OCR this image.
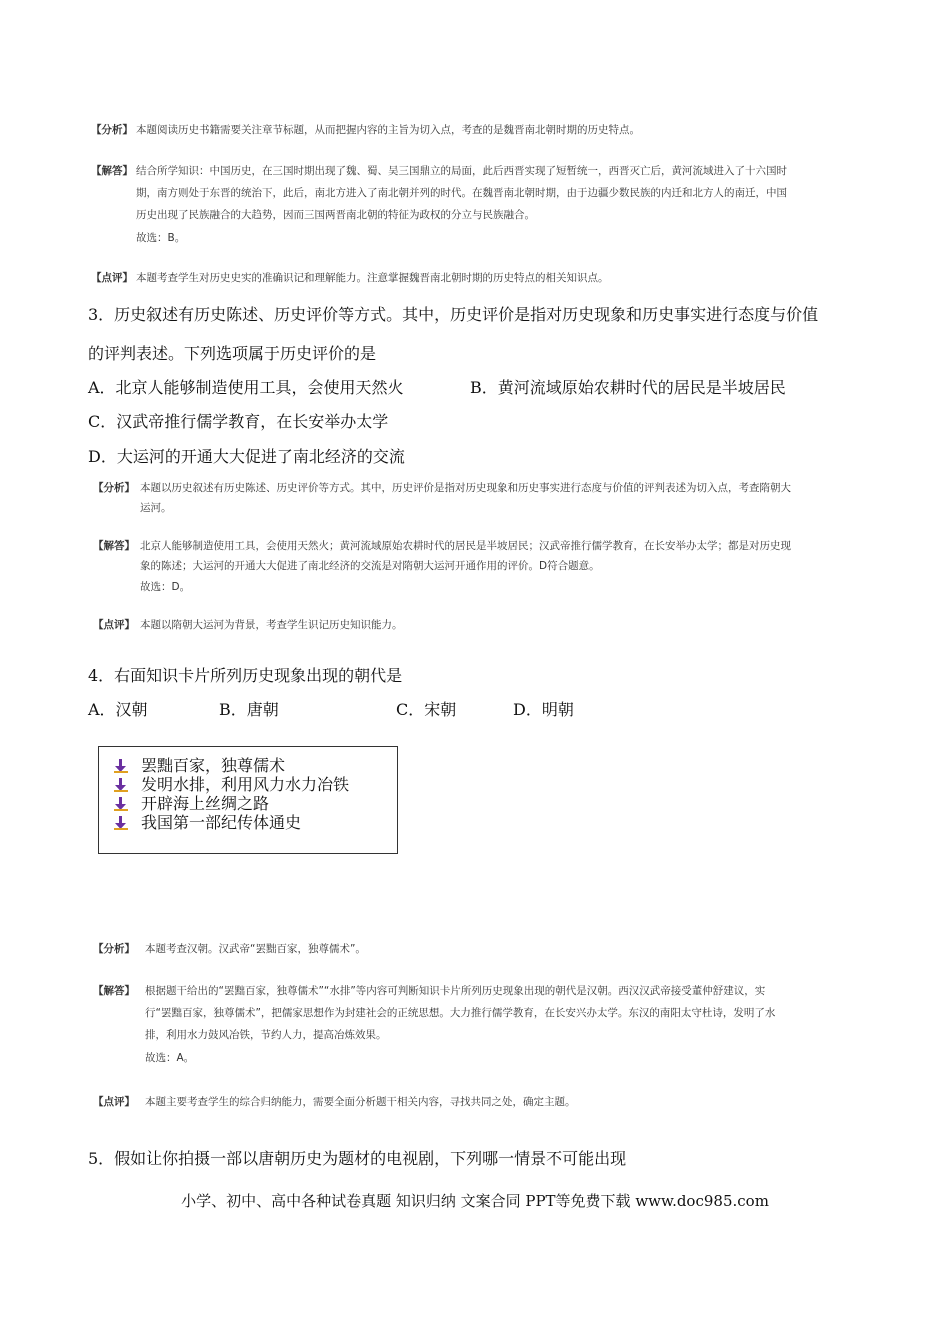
【分析】 本题阅读历史书籍需要关注章节标题，从而把握内容的主旨为切入点，考查的是魏晋南北朝时期的历史特点。
【解答】 结合所学知识：中国历史，在三国时期出现了魏、蜀、吴三国鼎立的局面，此后西晋实现了短暂统一，西晋灭亡后，黄河流域进入了十六国时
期，南方则处于东晋的统治下，此后，南北方进入了南北朝并列的时代。在魏晋南北朝时期，由于边疆少数民族的内迁和北方人的南迁，中国
历史出现了民族融合的大趋势，因而三国两晋南北朝的特征为政权的分立与民族融合。
故选：B。
【点评】 本题考查学生对历史史实的准确识记和理解能力。注意掌握魏晋南北朝时期的历史特点的相关知识点。
3．历史叙述有历史陈述、历史评价等方式。其中，历史评价是指对历史现象和历史事实进行态度与价值
的评判表述。下列选项属于历史评价的是
A．北京人能够制造使用工具，会使用天然火	B．黄河流域原始农耕时代的居民是半坡居民
C．汉武帝推行儒学教育，在长安举办太学
D．大运河的开通大大促进了南北经济的交流
【分析】 本题以历史叙述有历史陈述、历史评价等方式。其中，历史评价是指对历史现象和历史事实进行态度与价值的评判表述为切入点，考查隋朝大
运河。
【解答】 北京人能够制造使用工具，会使用天然火；黄河流域原始农耕时代的居民是半坡居民；汉武帝推行儒学教育，在长安举办太学；都是对历史现
象的陈述；大运河的开通大大促进了南北经济的交流是对隋朝大运河开通作用的评价。D符合题意。
故选：D。
【点评】 本题以隋朝大运河为背景，考查学生识记历史知识能力。
4．右面知识卡片所列历史现象出现的朝代是
A．汉朝	B．唐朝	C．宋朝	D．明朝
罢黜百家，独尊儒术
发明水排，利用风力水力冶铁
开辟海上丝绸之路
我国第一部纪传体通史
【分析】 本题考查汉朝。汉武帝“罢黜百家，独尊儒术”。
【解答】 根据题干给出的“罢黜百家，独尊儒术”“水排”等内容可判断知识卡片所列历史现象出现的朝代是汉朝。西汉汉武帝接受董仲舒建议，实
行“罢黜百家，独尊儒术”，把儒家思想作为封建社会的正统思想。大力推行儒学教育，在长安兴办太学。东汉的南阳太守杜诗，发明了水
排，利用水力鼓风冶铁，节约人力，提高冶炼效果。
故选：A。
【点评】 本题主要考查学生的综合归纳能力，需要全面分析题干相关内容，寻找共同之处，确定主题。
5．假如让你拍摄一部以唐朝历史为题材的电视剧，下列哪一情景不可能出现
小学、初中、高中各种试卷真题 知识归纳 文案合同 PPT等免费下载 www.doc985.com
